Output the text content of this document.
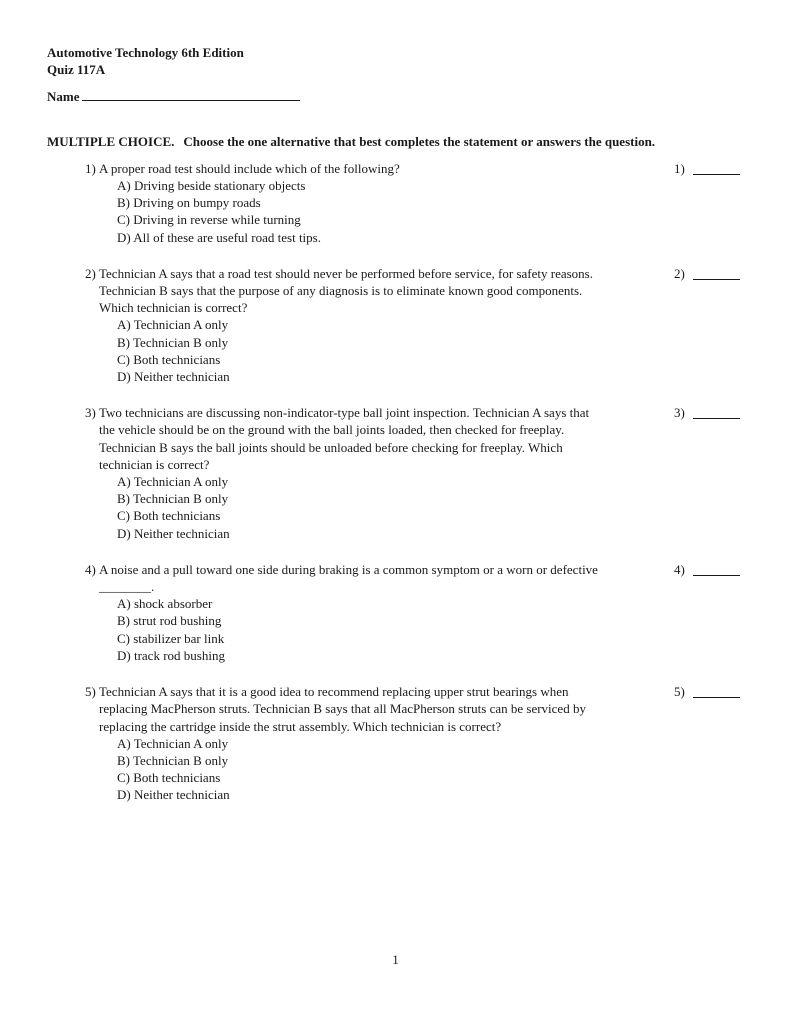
Automotive Technology 6th Edition
Quiz 117A
Name
MULTIPLE CHOICE. Choose the one alternative that best completes the statement or answers the question.
1) A proper road test should include which of the following?
A) Driving beside stationary objects
B) Driving on bumpy roads
C) Driving in reverse while turning
D) All of these are useful road test tips.
1)
2) Technician A says that a road test should never be performed before service, for safety reasons.
Technician B says that the purpose of any diagnosis is to eliminate known good components.
Which technician is correct?
A) Technician A only
B) Technician B only
C) Both technicians
D) Neither technician
2)
3) Two technicians are discussing non-indicator-type ball joint inspection. Technician A says that
the vehicle should be on the ground with the ball joints loaded, then checked for freeplay.
Technician B says the ball joints should be unloaded before checking for freeplay. Which
technician is correct?
A) Technician A only
B) Technician B only
C) Both technicians
D) Neither technician
3)
4) A noise and a pull toward one side during braking is a common symptom or a worn or defective
________.
A) shock absorber
B) strut rod bushing
C) stabilizer bar link
D) track rod bushing
4)
5) Technician A says that it is a good idea to recommend replacing upper strut bearings when
replacing MacPherson struts. Technician B says that all MacPherson struts can be serviced by
replacing the cartridge inside the strut assembly. Which technician is correct?
A) Technician A only
B) Technician B only
C) Both technicians
D) Neither technician
5)
1
